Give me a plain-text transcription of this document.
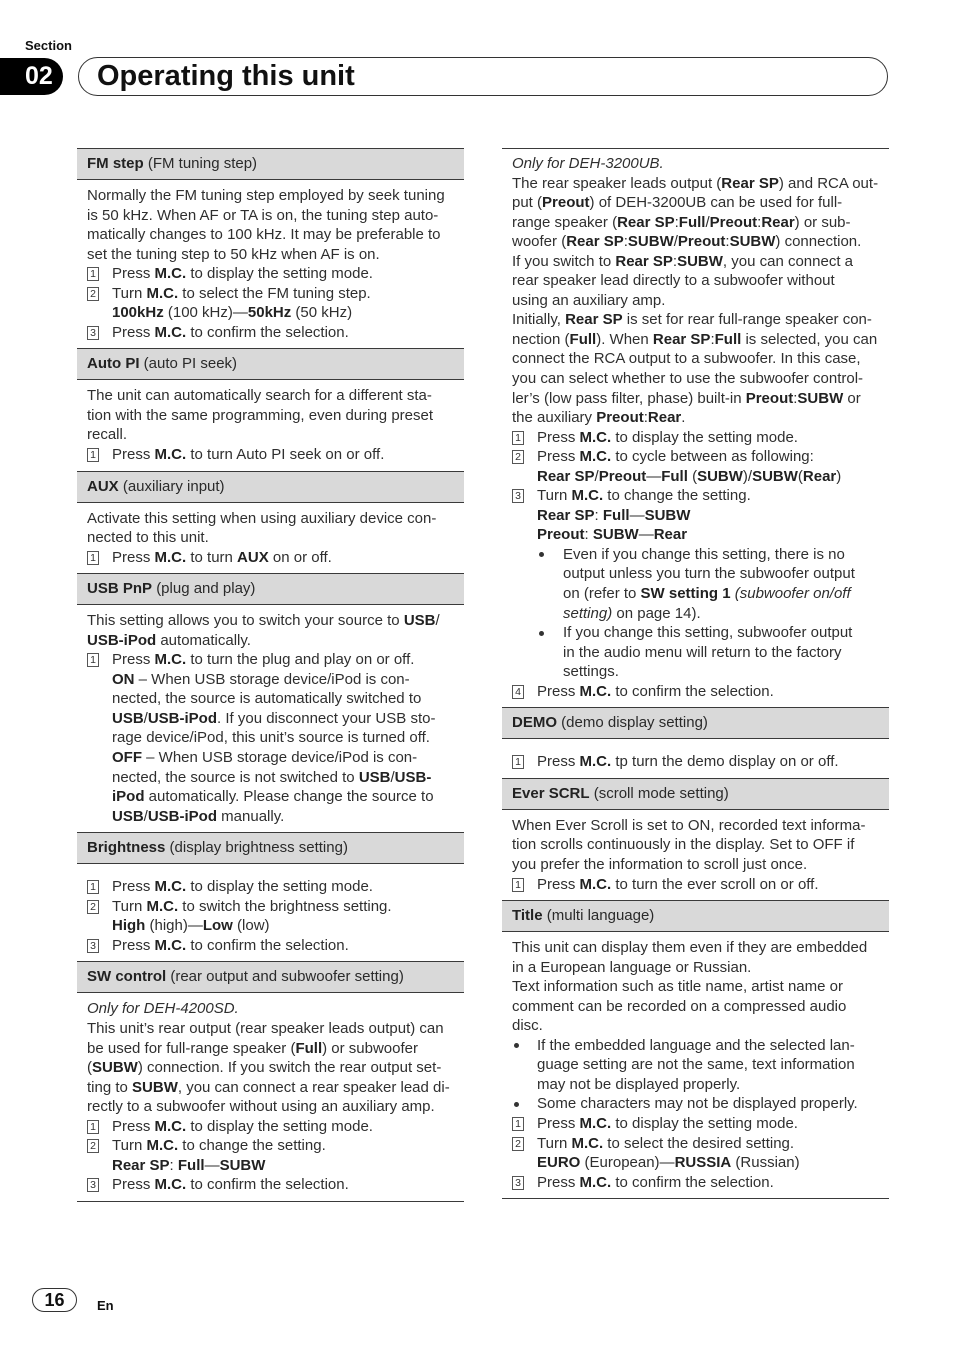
Section
02 Operating this unit
FM step (FM tuning step)
Normally the FM tuning step employed by seek tuning
is 50 kHz. When AF or TA is on, the tuning step auto-
matically changes to 100 kHz. It may be preferable to
set the tuning step to 50 kHz when AF is on.
1 Press M.C. to display the setting mode.
2 Turn M.C. to select the FM tuning step.
100kHz (100 kHz)—50kHz (50 kHz)
3 Press M.C. to confirm the selection.
Auto PI (auto PI seek)
The unit can automatically search for a different sta-
tion with the same programming, even during preset
recall.
1 Press M.C. to turn Auto PI seek on or off.
AUX (auxiliary input)
Activate this setting when using auxiliary device con-
nected to this unit.
1 Press M.C. to turn AUX on or off.
USB PnP (plug and play)
This setting allows you to switch your source to USB/
USB-iPod automatically.
1 Press M.C. to turn the plug and play on or off.
ON – When USB storage device/iPod is con-
nected, the source is automatically switched to
USB/USB-iPod. If you disconnect your USB sto-
rage device/iPod, this unit’s source is turned off.
OFF – When USB storage device/iPod is con-
nected, the source is not switched to USB/USB-
iPod automatically. Please change the source to
USB/USB-iPod manually.
Brightness (display brightness setting)
1 Press M.C. to display the setting mode.
2 Turn M.C. to switch the brightness setting.
High (high)—Low (low)
3 Press M.C. to confirm the selection.
SW control (rear output and subwoofer setting)
Only for DEH-4200SD.
This unit’s rear output (rear speaker leads output) can
be used for full-range speaker (Full) or subwoofer
(SUBW) connection. If you switch the rear output set-
ting to SUBW, you can connect a rear speaker lead di-
rectly to a subwoofer without using an auxiliary amp.
1 Press M.C. to display the setting mode.
2 Turn M.C. to change the setting.
Rear SP: Full—SUBW
3 Press M.C. to confirm the selection.
Only for DEH-3200UB.
The rear speaker leads output (Rear SP) and RCA out-
put (Preout) of DEH-3200UB can be used for full-
range speaker (Rear SP:Full/Preout:Rear) or sub-
woofer (Rear SP:SUBW/Preout:SUBW) connection.
If you switch to Rear SP:SUBW, you can connect a
rear speaker lead directly to a subwoofer without
using an auxiliary amp.
Initially, Rear SP is set for rear full-range speaker con-
nection (Full). When Rear SP:Full is selected, you can
connect the RCA output to a subwoofer. In this case,
you can select whether to use the subwoofer control-
ler’s (low pass filter, phase) built-in Preout:SUBW or
the auxiliary Preout:Rear.
1 Press M.C. to display the setting mode.
2 Press M.C. to cycle between as following:
Rear SP/Preout—Full (SUBW)/SUBW(Rear)
3 Turn M.C. to change the setting.
Rear SP: Full—SUBW
Preout: SUBW—Rear
Even if you change this setting, there is no
output unless you turn the subwoofer output
on (refer to SW setting 1 (subwoofer on/off
setting) on page 14).
If you change this setting, subwoofer output
in the audio menu will return to the factory
settings.
4 Press M.C. to confirm the selection.
DEMO (demo display setting)
1 Press M.C. tp turn the demo display on or off.
Ever SCRL (scroll mode setting)
When Ever Scroll is set to ON, recorded text informa-
tion scrolls continuously in the display. Set to OFF if
you prefer the information to scroll just once.
1 Press M.C. to turn the ever scroll on or off.
Title (multi language)
This unit can display them even if they are embedded
in a European language or Russian.
Text information such as title name, artist name or
comment can be recorded on a compressed audio
disc.
If the embedded language and the selected lan-
guage setting are not the same, text information
may not be displayed properly.
Some characters may not be displayed properly.
1 Press M.C. to display the setting mode.
2 Turn M.C. to select the desired setting.
EURO (European)—RUSSIA (Russian)
3 Press M.C. to confirm the selection.
16	En
